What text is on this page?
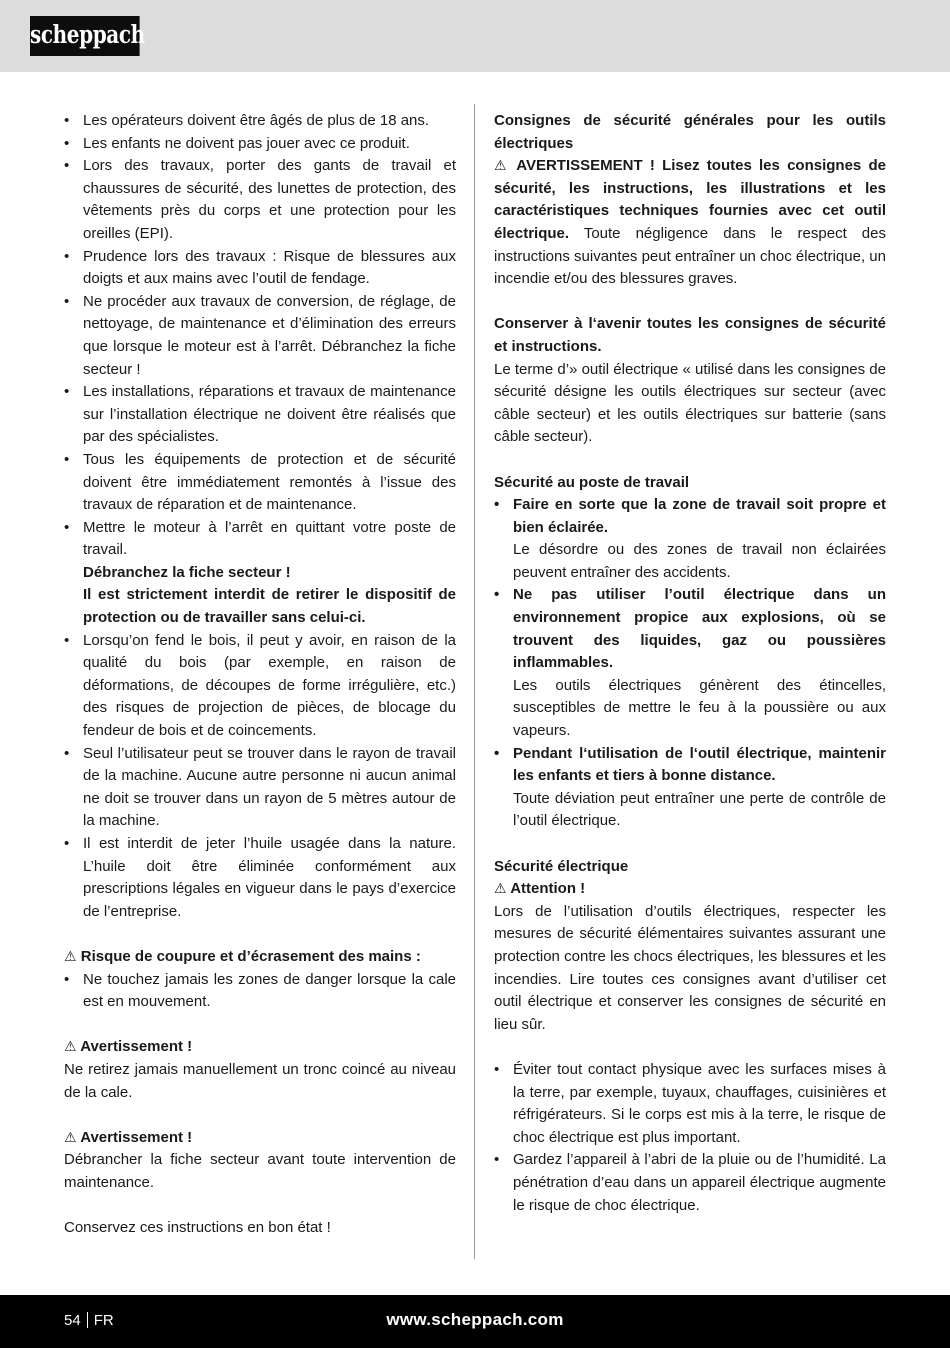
scheppach
• Les opérateurs doivent être âgés de plus de 18 ans.
• Les enfants ne doivent pas jouer avec ce produit.
• Lors des travaux, porter des gants de travail et chaussures de sécurité, des lunettes de protection, des vêtements près du corps et une protection pour les oreilles (EPI).
• Prudence lors des travaux : Risque de blessures aux doigts et aux mains avec l’outil de fendage.
• Ne procéder aux travaux de conversion, de réglage, de nettoyage, de maintenance et d’élimination des erreurs que lorsque le moteur est à l’arrêt. Débranchez la fiche secteur !
• Les installations, réparations et travaux de maintenance sur l’installation électrique ne doivent être réalisés que par des spécialistes.
• Tous les équipements de protection et de sécurité doivent être immédiatement remontés à l’issue des travaux de réparation et de maintenance.
• Mettre le moteur à l’arrêt en quittant votre poste de travail.
Débranchez la fiche secteur !
Il est strictement interdit de retirer le dispositif de protection ou de travailler sans celui-ci.
• Lorsqu’on fend le bois, il peut y avoir, en raison de la qualité du bois (par exemple, en raison de déformations, de découpes de forme irrégulière, etc.) des risques de projection de pièces, de blocage du fendeur de bois et de coincements.
• Seul l’utilisateur peut se trouver dans le rayon de travail de la machine. Aucune autre personne ni aucun animal ne doit se trouver dans un rayon de 5 mètres autour de la machine.
• Il est interdit de jeter l’huile usagée dans la nature. L’huile doit être éliminée conformément aux prescriptions légales en vigueur dans le pays d’exercice de l’entreprise.
⚠ Risque de coupure et d’écrasement des mains :
• Ne touchez jamais les zones de danger lorsque la cale est en mouvement.
⚠ Avertissement !
Ne retirez jamais manuellement un tronc coincé au niveau de la cale.
⚠ Avertissement !
Débrancher la fiche secteur avant toute intervention de maintenance.
Conservez ces instructions en bon état !
Consignes de sécurité générales pour les outils électriques
⚠ AVERTISSEMENT ! Lisez toutes les consignes de sécurité, les instructions, les illustrations et les caractéristiques techniques fournies avec cet outil électrique. Toute négligence dans le respect des instructions suivantes peut entraîner un choc électrique, un incendie et/ou des blessures graves.
Conserver à l‘avenir toutes les consignes de sécurité et instructions.
Le terme d’» outil électrique « utilisé dans les consignes de sécurité désigne les outils électriques sur secteur (avec câble secteur) et les outils électriques sur batterie (sans câble secteur).
Sécurité au poste de travail
• Faire en sorte que la zone de travail soit propre et bien éclairée.
Le désordre ou des zones de travail non éclairées peuvent entraîner des accidents.
• Ne pas utiliser l’outil électrique dans un environnement propice aux explosions, où se trouvent des liquides, gaz ou poussières inflammables.
Les outils électriques génèrent des étincelles, susceptibles de mettre le feu à la poussière ou aux vapeurs.
• Pendant l‘utilisation de l‘outil électrique, maintenir les enfants et tiers à bonne distance.
Toute déviation peut entraîner une perte de contrôle de l’outil électrique.
Sécurité électrique
⚠ Attention !
Lors de l’utilisation d’outils électriques, respecter les mesures de sécurité élémentaires suivantes assurant une protection contre les chocs électriques, les blessures et les incendies. Lire toutes ces consignes avant d’utiliser cet outil électrique et conserver les consignes de sécurité en lieu sûr.
• Éviter tout contact physique avec les surfaces mises à la terre, par exemple, tuyaux, chauffages, cuisinières et réfrigérateurs. Si le corps est mis à la terre, le risque de choc électrique est plus important.
• Gardez l’appareil à l’abri de la pluie ou de l’humidité. La pénétration d’eau dans un appareil électrique augmente le risque de choc électrique.
54 FR	www.scheppach.com
